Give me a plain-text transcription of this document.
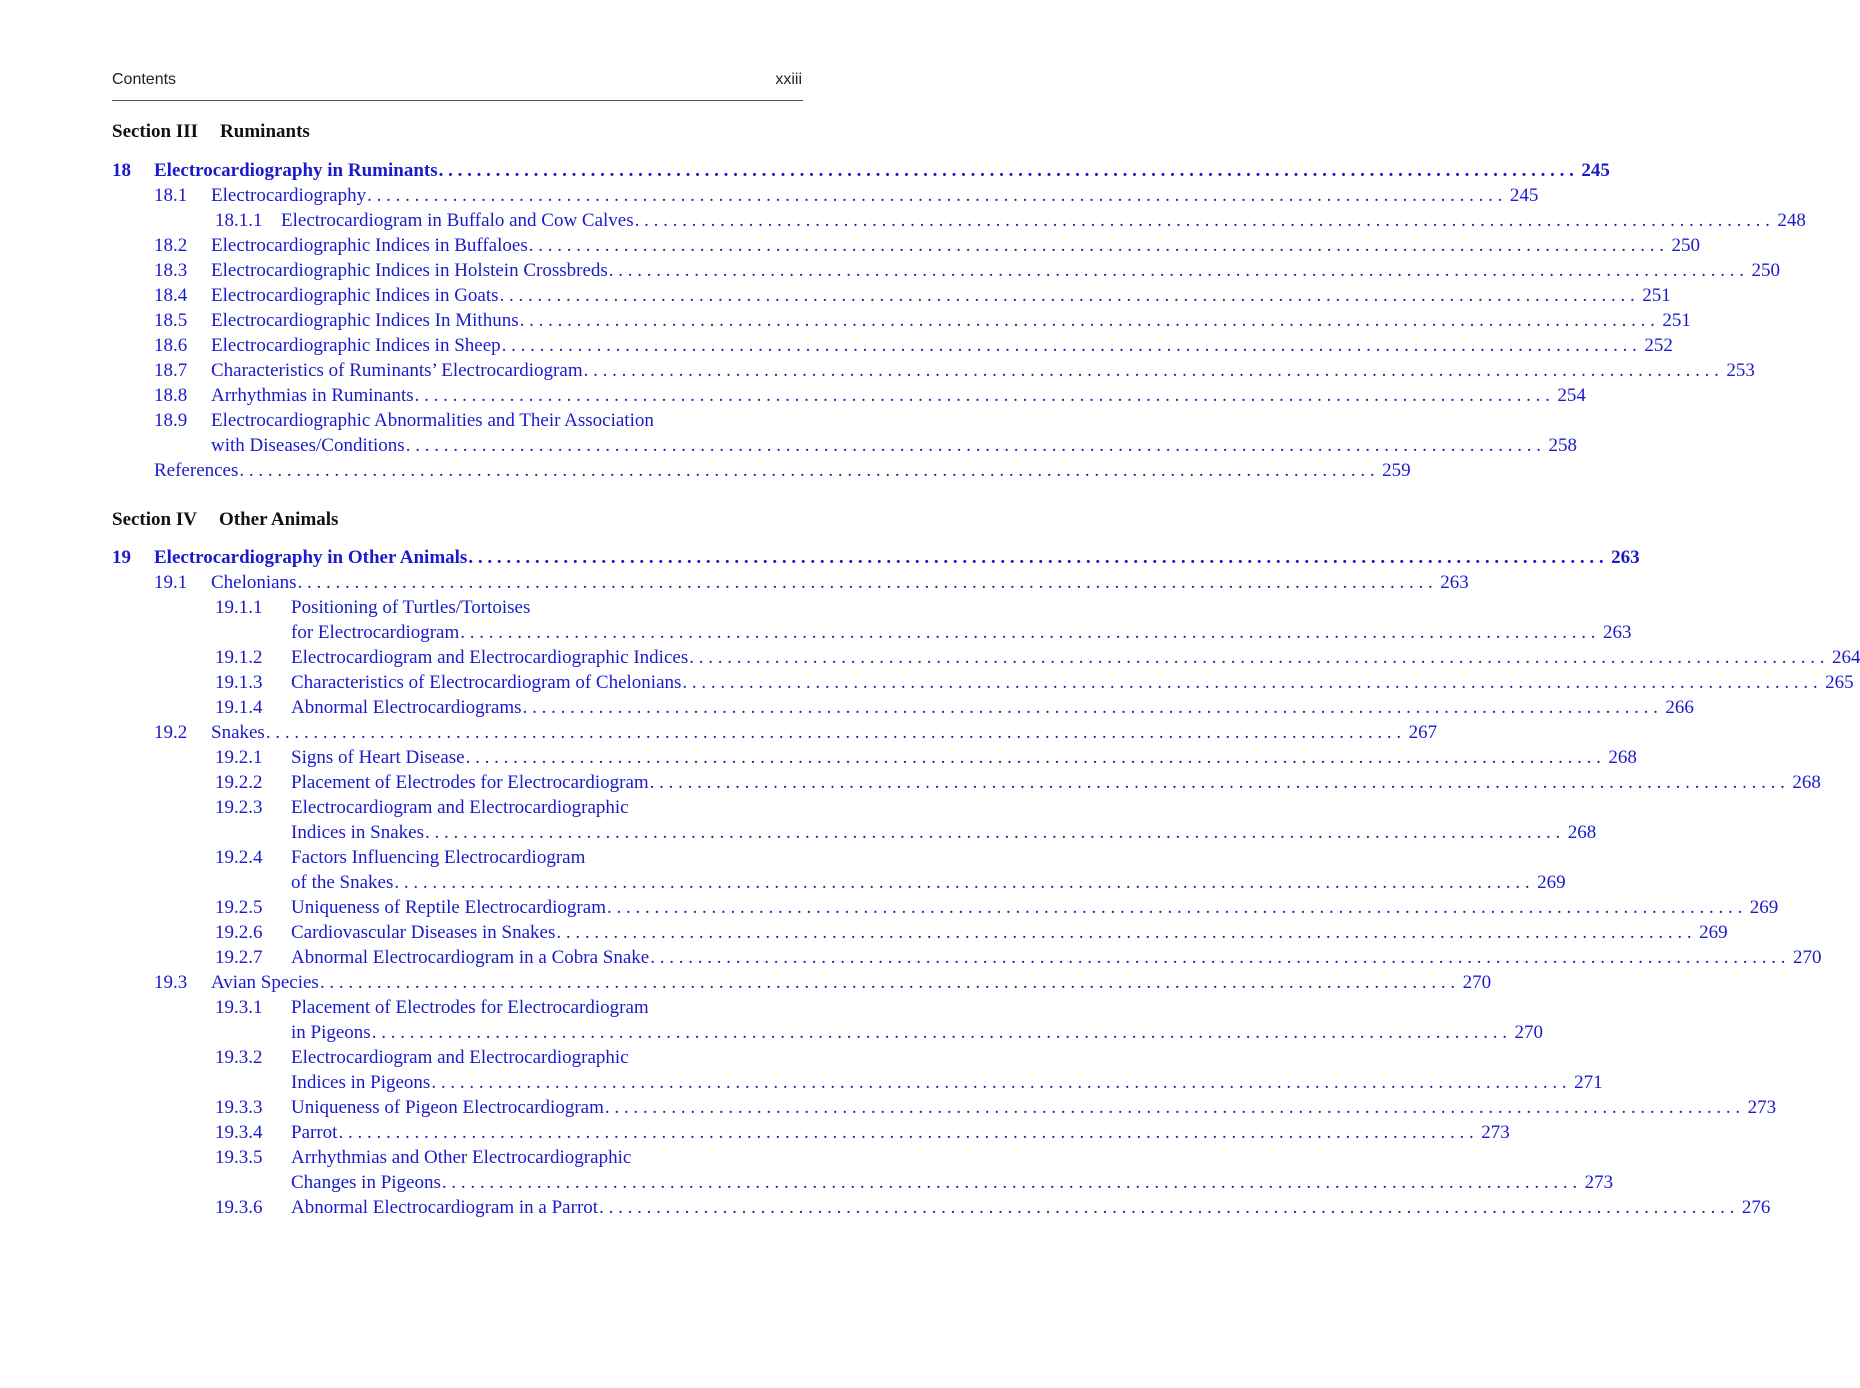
Contents	xxiii
Section III Ruminants
Section IV Other Animals
18 Electrocardiography in Ruminants . . . . . . . . . . . . . . . . . . . . . . . . . . . . . . . . . . . . . . . . . . . . . . . . . . . . . . . . . . . . . . . . . . . . . . . . . . . . . . . . . . . . . . . . . . . . . . . . . . . . . . . . . . . . . . . . . . . . . . . . 245
18.1 Electrocardiography . . . . . . . . . . . . . . . . . . . . . . . . . . . . . . . . . . . . . . . . . . . . . . . . . . . . . . . . . . . . . . . . . . . . . . . . . . . . . . . . . . . . . . . . . . . . . . . . . . . . . . . . . . . . . . . . . . . . . . . . 245
18.1.1 Electrocardiogram in Buffalo and Cow Calves . . . . . . . . . . . . . . . . . . . . . . . . . . . . . . . . . . . . . . . . . . . . . . . . . . . . . . . . . . . . . . . . . . . . . . . . . . . . . . . . . . . . . . . . . . . . . . . . . . . . . . . . . . . . . . . . . . . . . . . . 248
18.2 Electrocardiographic Indices in Buffaloes . . . . . . . . . . . . . . . . . . . . . . . . . . . . . . . . . . . . . . . . . . . . . . . . . . . . . . . . . . . . . . . . . . . . . . . . . . . . . . . . . . . . . . . . . . . . . . . . . . . . . . . . . . . . . . . . . . . . . . . . 250
18.3 Electrocardiographic Indices in Holstein Crossbreds . . . . . . . . . . . . . . . . . . . . . . . . . . . . . . . . . . . . . . . . . . . . . . . . . . . . . . . . . . . . . . . . . . . . . . . . . . . . . . . . . . . . . . . . . . . . . . . . . . . . . . . . . . . . . . . . . . . . . . . . 250
18.4 Electrocardiographic Indices in Goats . . . . . . . . . . . . . . . . . . . . . . . . . . . . . . . . . . . . . . . . . . . . . . . . . . . . . . . . . . . . . . . . . . . . . . . . . . . . . . . . . . . . . . . . . . . . . . . . . . . . . . . . . . . . . . . . . . . . . . . . 251
18.5 Electrocardiographic Indices In Mithuns . . . . . . . . . . . . . . . . . . . . . . . . . . . . . . . . . . . . . . . . . . . . . . . . . . . . . . . . . . . . . . . . . . . . . . . . . . . . . . . . . . . . . . . . . . . . . . . . . . . . . . . . . . . . . . . . . . . . . . . . 251
18.6 Electrocardiographic Indices in Sheep . . . . . . . . . . . . . . . . . . . . . . . . . . . . . . . . . . . . . . . . . . . . . . . . . . . . . . . . . . . . . . . . . . . . . . . . . . . . . . . . . . . . . . . . . . . . . . . . . . . . . . . . . . . . . . . . . . . . . . . . 252
18.7 Characteristics of Ruminants’ Electrocardiogram . . . . . . . . . . . . . . . . . . . . . . . . . . . . . . . . . . . . . . . . . . . . . . . . . . . . . . . . . . . . . . . . . . . . . . . . . . . . . . . . . . . . . . . . . . . . . . . . . . . . . . . . . . . . . . . . . . . . . . . . 253
18.8 Arrhythmias in Ruminants . . . . . . . . . . . . . . . . . . . . . . . . . . . . . . . . . . . . . . . . . . . . . . . . . . . . . . . . . . . . . . . . . . . . . . . . . . . . . . . . . . . . . . . . . . . . . . . . . . . . . . . . . . . . . . . . . . . . . . . . 254
18.9 Electrocardiographic Abnormalities and Their Association
with Diseases/Conditions . . . . . . . . . . . . . . . . . . . . . . . . . . . . . . . . . . . . . . . . . . . . . . . . . . . . . . . . . . . . . . . . . . . . . . . . . . . . . . . . . . . . . . . . . . . . . . . . . . . . . . . . . . . . . . . . . . . . . . . . 258
References . . . . . . . . . . . . . . . . . . . . . . . . . . . . . . . . . . . . . . . . . . . . . . . . . . . . . . . . . . . . . . . . . . . . . . . . . . . . . . . . . . . . . . . . . . . . . . . . . . . . . . . . . . . . . . . . . . . . . . . . 259
19 Electrocardiography in Other Animals . . . . . . . . . . . . . . . . . . . . . . . . . . . . . . . . . . . . . . . . . . . . . . . . . . . . . . . . . . . . . . . . . . . . . . . . . . . . . . . . . . . . . . . . . . . . . . . . . . . . . . . . . . . . . . . . . . . . . . . . 263
19.1 Chelonians . . . . . . . . . . . . . . . . . . . . . . . . . . . . . . . . . . . . . . . . . . . . . . . . . . . . . . . . . . . . . . . . . . . . . . . . . . . . . . . . . . . . . . . . . . . . . . . . . . . . . . . . . . . . . . . . . . . . . . . . 263
19.1.1 Positioning of Turtles/Tortoises
for Electrocardiogram . . . . . . . . . . . . . . . . . . . . . . . . . . . . . . . . . . . . . . . . . . . . . . . . . . . . . . . . . . . . . . . . . . . . . . . . . . . . . . . . . . . . . . . . . . . . . . . . . . . . . . . . . . . . . . . . . . . . . . . . 263
19.1.2 Electrocardiogram and Electrocardiographic Indices . . . . . . . . . . . . . . . . . . . . . . . . . . . . . . . . . . . . . . . . . . . . . . . . . . . . . . . . . . . . . . . . . . . . . . . . . . . . . . . . . . . . . . . . . . . . . . . . . . . . . . . . . . . . . . . . . . . . . . . . 264
19.1.3 Characteristics of Electrocardiogram of Chelonians . . . . . . . . . . . . . . . . . . . . . . . . . . . . . . . . . . . . . . . . . . . . . . . . . . . . . . . . . . . . . . . . . . . . . . . . . . . . . . . . . . . . . . . . . . . . . . . . . . . . . . . . . . . . . . . . . . . . . . . . 265
19.1.4 Abnormal Electrocardiograms . . . . . . . . . . . . . . . . . . . . . . . . . . . . . . . . . . . . . . . . . . . . . . . . . . . . . . . . . . . . . . . . . . . . . . . . . . . . . . . . . . . . . . . . . . . . . . . . . . . . . . . . . . . . . . . . . . . . . . . . 266
19.2 Snakes . . . . . . . . . . . . . . . . . . . . . . . . . . . . . . . . . . . . . . . . . . . . . . . . . . . . . . . . . . . . . . . . . . . . . . . . . . . . . . . . . . . . . . . . . . . . . . . . . . . . . . . . . . . . . . . . . . . . . . . . 267
19.2.1 Signs of Heart Disease . . . . . . . . . . . . . . . . . . . . . . . . . . . . . . . . . . . . . . . . . . . . . . . . . . . . . . . . . . . . . . . . . . . . . . . . . . . . . . . . . . . . . . . . . . . . . . . . . . . . . . . . . . . . . . . . . . . . . . . . 268
19.2.2 Placement of Electrodes for Electrocardiogram . . . . . . . . . . . . . . . . . . . . . . . . . . . . . . . . . . . . . . . . . . . . . . . . . . . . . . . . . . . . . . . . . . . . . . . . . . . . . . . . . . . . . . . . . . . . . . . . . . . . . . . . . . . . . . . . . . . . . . . . 268
19.2.3 Electrocardiogram and Electrocardiographic
Indices in Snakes . . . . . . . . . . . . . . . . . . . . . . . . . . . . . . . . . . . . . . . . . . . . . . . . . . . . . . . . . . . . . . . . . . . . . . . . . . . . . . . . . . . . . . . . . . . . . . . . . . . . . . . . . . . . . . . . . . . . . . . . 268
19.2.4 Factors Influencing Electrocardiogram
of the Snakes . . . . . . . . . . . . . . . . . . . . . . . . . . . . . . . . . . . . . . . . . . . . . . . . . . . . . . . . . . . . . . . . . . . . . . . . . . . . . . . . . . . . . . . . . . . . . . . . . . . . . . . . . . . . . . . . . . . . . . . . 269
19.2.5 Uniqueness of Reptile Electrocardiogram . . . . . . . . . . . . . . . . . . . . . . . . . . . . . . . . . . . . . . . . . . . . . . . . . . . . . . . . . . . . . . . . . . . . . . . . . . . . . . . . . . . . . . . . . . . . . . . . . . . . . . . . . . . . . . . . . . . . . . . . 269
19.2.6 Cardiovascular Diseases in Snakes . . . . . . . . . . . . . . . . . . . . . . . . . . . . . . . . . . . . . . . . . . . . . . . . . . . . . . . . . . . . . . . . . . . . . . . . . . . . . . . . . . . . . . . . . . . . . . . . . . . . . . . . . . . . . . . . . . . . . . . . 269
19.2.7 Abnormal Electrocardiogram in a Cobra Snake . . . . . . . . . . . . . . . . . . . . . . . . . . . . . . . . . . . . . . . . . . . . . . . . . . . . . . . . . . . . . . . . . . . . . . . . . . . . . . . . . . . . . . . . . . . . . . . . . . . . . . . . . . . . . . . . . . . . . . . . 270
19.3 Avian Species . . . . . . . . . . . . . . . . . . . . . . . . . . . . . . . . . . . . . . . . . . . . . . . . . . . . . . . . . . . . . . . . . . . . . . . . . . . . . . . . . . . . . . . . . . . . . . . . . . . . . . . . . . . . . . . . . . . . . . . . 270
19.3.1 Placement of Electrodes for Electrocardiogram
in Pigeons . . . . . . . . . . . . . . . . . . . . . . . . . . . . . . . . . . . . . . . . . . . . . . . . . . . . . . . . . . . . . . . . . . . . . . . . . . . . . . . . . . . . . . . . . . . . . . . . . . . . . . . . . . . . . . . . . . . . . . . . 270
19.3.2 Electrocardiogram and Electrocardiographic
Indices in Pigeons . . . . . . . . . . . . . . . . . . . . . . . . . . . . . . . . . . . . . . . . . . . . . . . . . . . . . . . . . . . . . . . . . . . . . . . . . . . . . . . . . . . . . . . . . . . . . . . . . . . . . . . . . . . . . . . . . . . . . . . . 271
19.3.3 Uniqueness of Pigeon Electrocardiogram . . . . . . . . . . . . . . . . . . . . . . . . . . . . . . . . . . . . . . . . . . . . . . . . . . . . . . . . . . . . . . . . . . . . . . . . . . . . . . . . . . . . . . . . . . . . . . . . . . . . . . . . . . . . . . . . . . . . . . . . 273
19.3.4 Parrot . . . . . . . . . . . . . . . . . . . . . . . . . . . . . . . . . . . . . . . . . . . . . . . . . . . . . . . . . . . . . . . . . . . . . . . . . . . . . . . . . . . . . . . . . . . . . . . . . . . . . . . . . . . . . . . . . . . . . . . . 273
19.3.5 Arrhythmias and Other Electrocardiographic
Changes in Pigeons . . . . . . . . . . . . . . . . . . . . . . . . . . . . . . . . . . . . . . . . . . . . . . . . . . . . . . . . . . . . . . . . . . . . . . . . . . . . . . . . . . . . . . . . . . . . . . . . . . . . . . . . . . . . . . . . . . . . . . . . 273
19.3.6 Abnormal Electrocardiogram in a Parrot . . . . . . . . . . . . . . . . . . . . . . . . . . . . . . . . . . . . . . . . . . . . . . . . . . . . . . . . . . . . . . . . . . . . . . . . . . . . . . . . . . . . . . . . . . . . . . . . . . . . . . . . . . . . . . . . . . . . . . . . 276
